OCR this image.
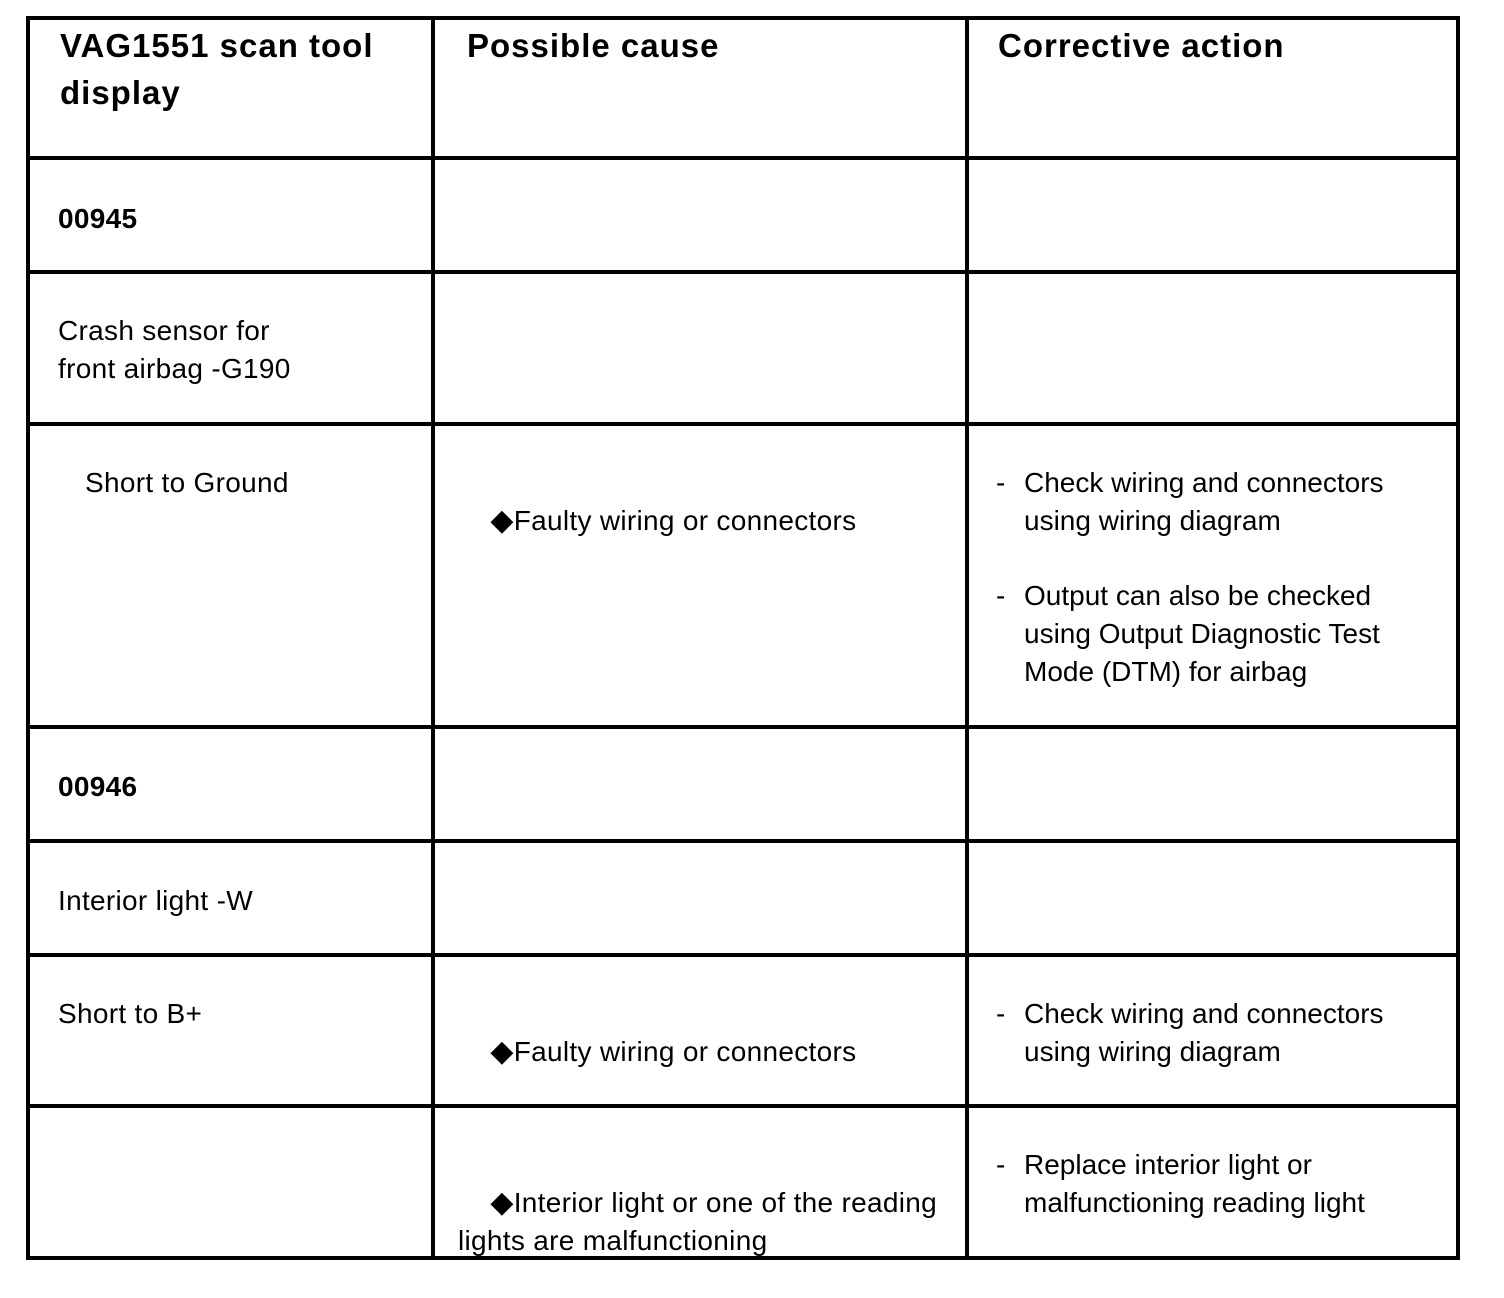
VAG1551 scan tool
display
Possible cause	Corrective action
00945
Crash sensor for
front airbag -G190
Short to Ground

◆Faulty wiring or connectors

- Check wiring and connectors
using wiring diagram
- Output can also be checked
using Output Diagnostic Test
Mode (DTM) for airbag
00946
Interior light -W
Short to B+

◆Faulty wiring or connectors

- Check wiring and connectors
using wiring diagram

◆Interior light or one of the reading
lights are malfunctioning

- Replace interior light or
malfunctioning reading light
